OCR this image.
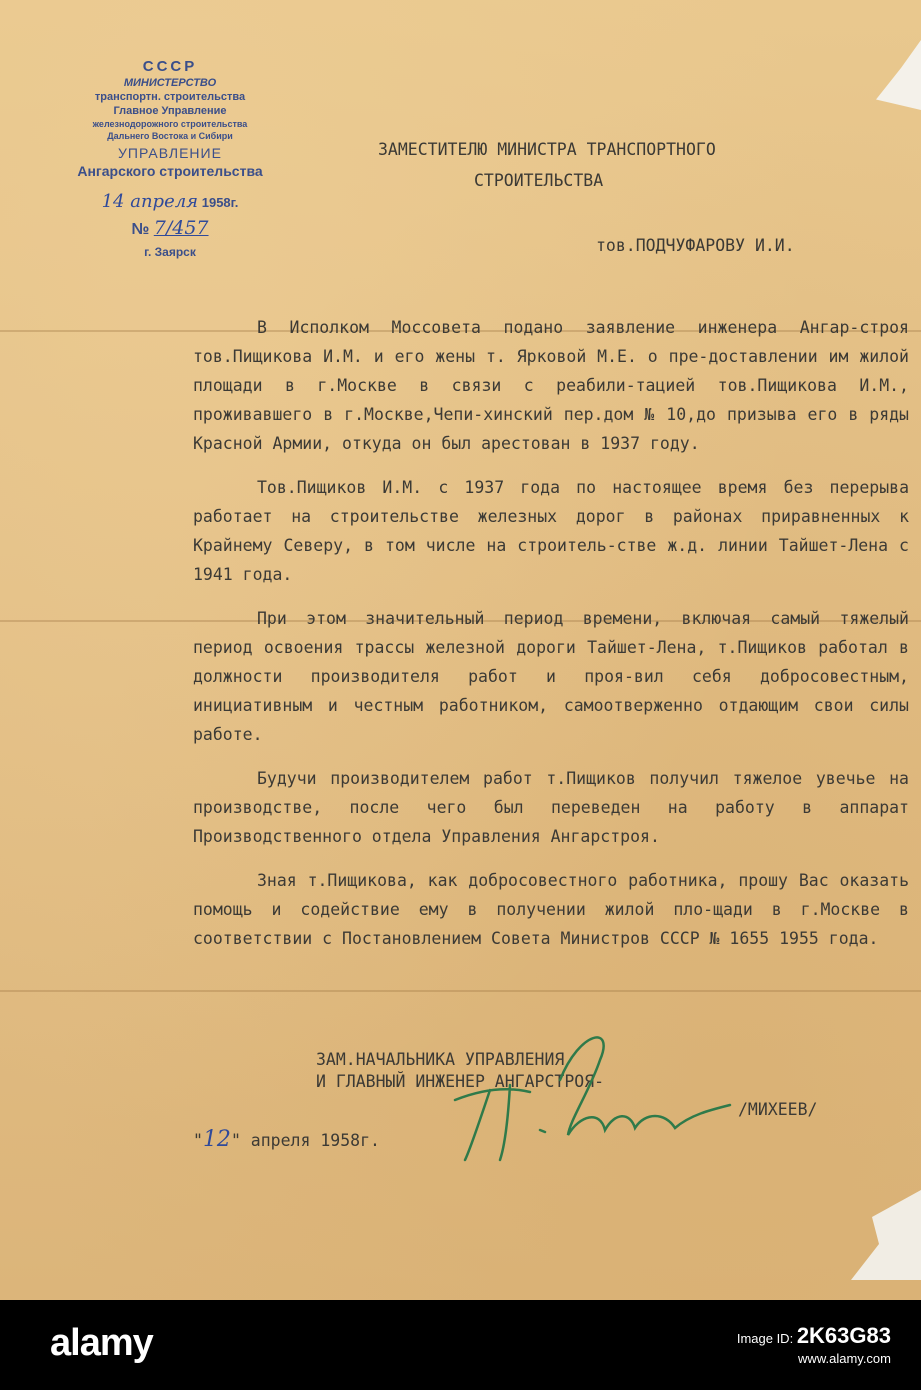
СССР
МИНИСТЕРСТВО
транспортн. строительства
Главное Управление
железнодорожного строительства
Дальнего Востока и Сибири
УПРАВЛЕНИЕ
Ангарского строительства
14 апреля 1958г.
№ 7/457
г. Заярск
ЗАМЕСТИТЕЛЮ МИНИСТРА ТРАНСПОРТНОГО
СТРОИТЕЛЬСТВА
тов.ПОДЧУФАРОВУ И.И.

В Исполком Моссовета подано заявление инженера Ангар-строя тов.Пищикова И.М. и его жены т. Ярковой М.Е. о пре-доставлении им жилой площади в г.Москве в связи с реабили-тацией тов.Пищикова И.М., проживавшего в г.Москве,Чепи-хинский пер.дом № 10,до призыва его в ряды Красной Армии, откуда он был арестован в 1937 году.

Тов.Пищиков И.М. с 1937 года по настоящее время без перерыва работает на строительстве железных дорог в районах приравненных к Крайнему Северу, в том числе на строитель-стве ж.д. линии Тайшет-Лена с 1941 года.

При этом значительный период времени, включая самый тяжелый период освоения трассы железной дороги Тайшет-Лена, т.Пищиков работал в должности производителя работ и проя-вил себя добросовестным, инициативным и честным работником, самоотверженно отдающим свои силы работе.

Будучи производителем работ т.Пищиков получил тяжелое увечье на производстве, после чего был переведен на работу в аппарат Производственного отдела Управления Ангарстроя.

Зная т.Пищикова, как добросовестного работника, прошу Вас оказать помощь и содействие ему в получении жилой пло-щади в г.Москве в соответствии с Постановлением Совета Министров СССР № 1655 1955 года.

ЗАМ.НАЧАЛЬНИКА УПРАВЛЕНИЯ
И ГЛАВНЫЙ ИНЖЕНЕР АНГАРСТРОЯ-
/МИХЕЕВ/
"12" апреля 1958г.
alamy	Image ID: 2K63G83
www.alamy.com
